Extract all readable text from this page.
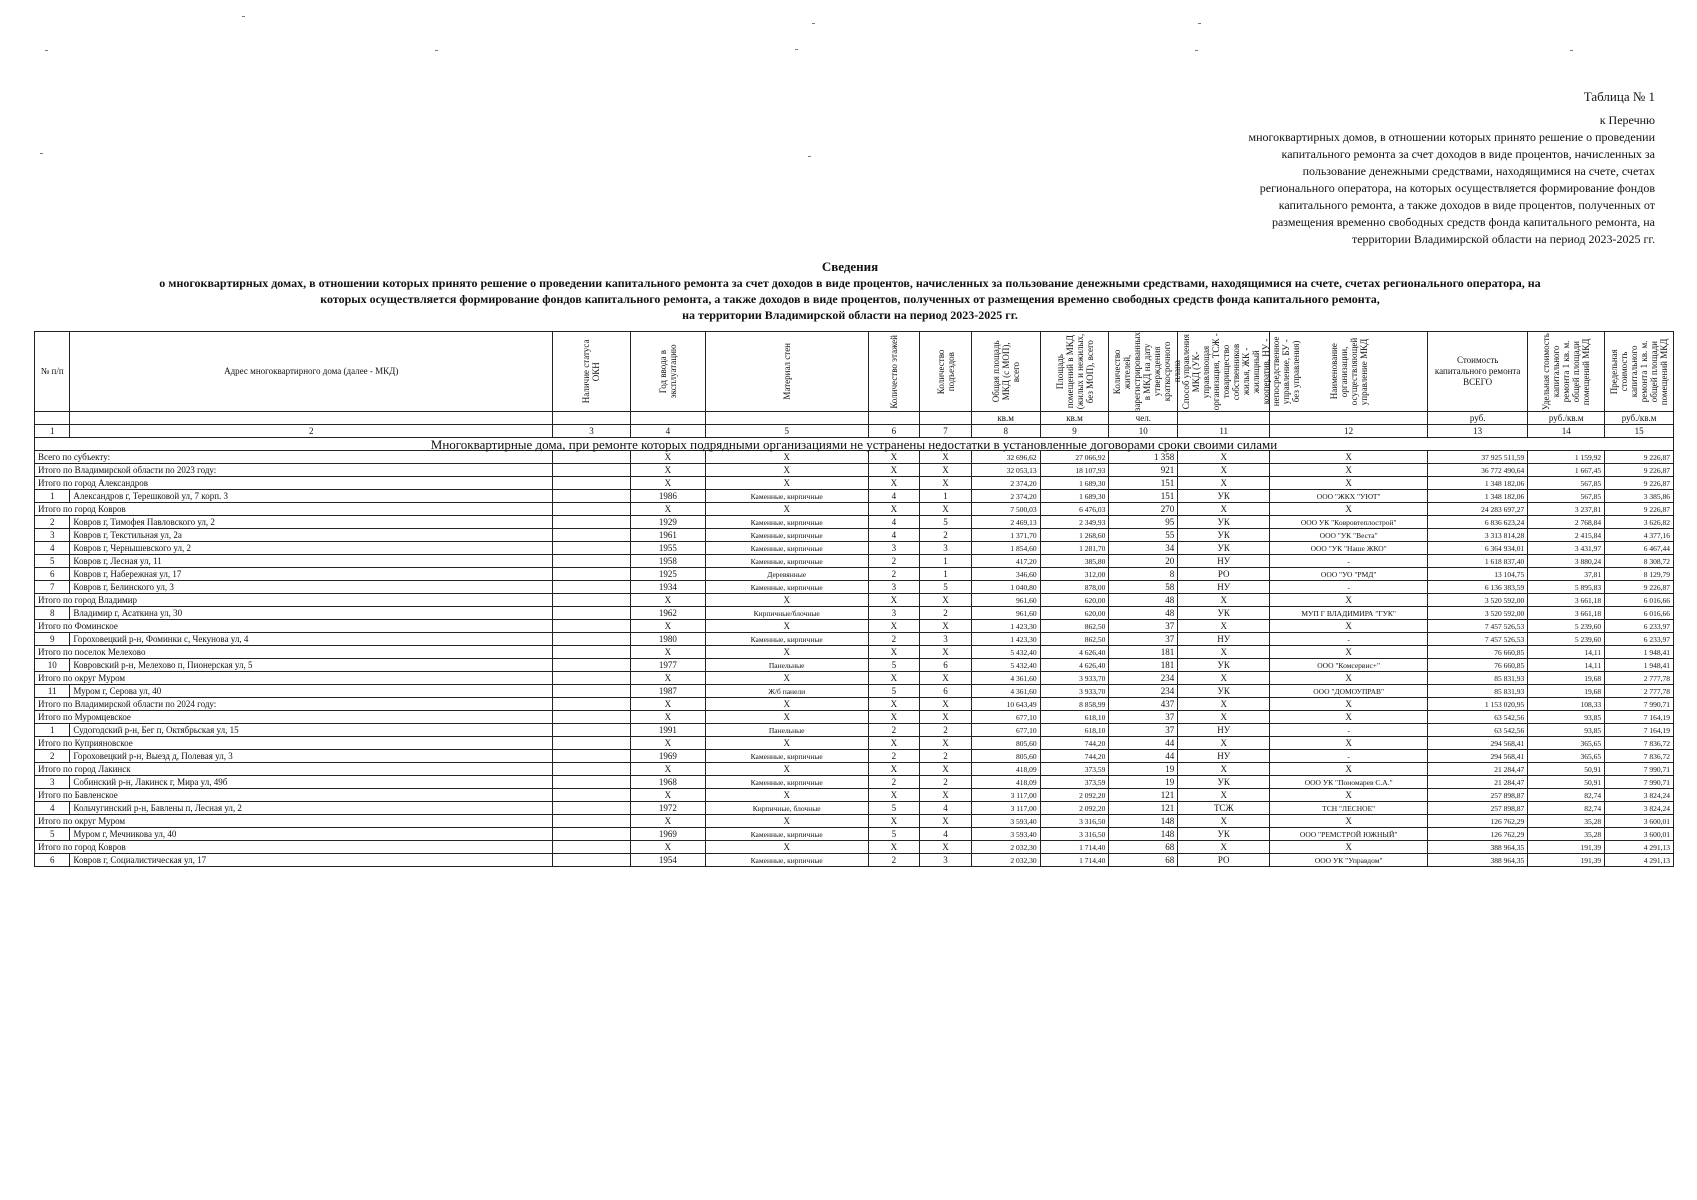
Таблица № 1
к Перечню
многоквартирных домов, в отношении которых принято решение о проведении
капитального ремонта за счет доходов в виде процентов, начисленных за
пользование денежными средствами, находящимися на счете, счетах
регионального оператора, на которых осуществляется формирование фондов
капитального ремонта, а также доходов в виде процентов, полученных от
размещения временно свободных средств фонда капитального ремонта, на
территории Владимирской области на период 2023-2025 гг.
Сведения
о многоквартирных домах, в отношении которых принято решение о проведении капитального ремонта за счет доходов в виде процентов, начисленных за пользование денежными средствами, находящимися на счете, счетах регионального оператора, на
которых осуществляется формирование фондов капитального ремонта, а также доходов в виде процентов, полученных от размещения временно свободных средств фонда капитального ремонта,
на территории Владимирской области на период 2023-2025 гг.
№ п/п	Адрес многоквартирного дома (далее - МКД)	Наличие статуса ОКН	Год ввода в эксплуатацию	Материал стен	Количество этажей	Количество подъездов	Общая площадь МКД (с МОП), всего	Площадь помещений в МКД (жилых и нежилых, без МОП), всего	Количество жителей, зарегистрированных в МКД на дату утверждения краткосрочного плана	Способ управления МКД (УК-управляющая организация, ТСЖ - товарищество собственников жилья, ЖК - жилищный кооператив, НУ - непосредственное управление, БУ - без управления)	Наименование организации, осуществляющей управление МКД	Стоимость капитального ремонта ВСЕГО	Удельная стоимость капитального ремонта 1 кв. м. общей площади помещений МКД	Предельная стоимость капитального ремонта 1 кв. м. общей площади помещений МКД

							кв.м	кв.м	чел.			руб.	руб./кв.м	руб./кв.м
1	2	3	4	5	6	7	8	9	10	11	12	13	14	15
Многоквартирные дома, при ремонте которых подрядными организациями не устранены недостатки в установленные договорами сроки своими силами														
Всего по субъекту:			X	X	X	X	32 696,62	27 066,92	1 358	X	X	37 925 511,59	1 159,92	9 226,87
Итого по Владимирской области по 2023 году:			X	X	X	X	32 053,13	18 107,93	921	X	X	36 772 490,64	1 667,45	9 226,87
Итого по город Александров			X	X	X	X	2 374,20	1 689,30	151	X	X	1 348 182,06	567,85	9 226,87
1	Александров г, Терешковой ул, 7 корп. 3		1986	Каменные, кирпичные	4	1	2 374,20	1 689,30	151	УК	ООО "ЖКХ "УЮТ"	1 348 182,06	567,85	3 385,86
Итого по город Ковров			X	X	X	X	7 500,03	6 476,03	270	X	X	24 283 697,27	3 237,81	9 226,87
2	Ковров г, Тимофея Павловского ул, 2		1929	Каменные, кирпичные	4	5	2 469,13	2 349,93	95	УК	ООО УК "Ковровтеплострой"	6 836 623,24	2 768,84	3 626,82
3	Ковров г, Текстильная ул, 2а		1961	Каменные, кирпичные	4	2	1 371,70	1 268,60	55	УК	ООО "УК "Веста"	3 313 814,28	2 415,84	4 377,16
4	Ковров г, Чернышевского ул, 2		1955	Каменные, кирпичные	3	3	1 854,60	1 281,70	34	УК	ООО "УК "Наше ЖКО"	6 364 934,01	3 431,97	6 467,44
5	Ковров г, Лесная ул, 11		1958	Каменные, кирпичные	2	1	417,20	385,80	20	НУ	-	1 618 837,40	3 880,24	8 308,72
6	Ковров г, Набережная ул, 17		1925	Деревянные	2	1	346,60	312,00	8	РО	ООО "УО "РМД"	13 104,75	37,81	8 129,79
7	Ковров г, Белинского ул, 3		1934	Каменные, кирпичные	3	5	1 040,80	878,00	58	НУ	-	6 136 383,59	5 895,83	9 226,87
Итого по город Владимир			X	X	X	X	961,60	620,00	48	X	X	3 520 592,00	3 661,18	6 016,66
8	Владимир г, Асаткина ул, 30		1962	Кирпичные/блочные	3	2	961,60	620,00	48	УК	МУП Г ВЛАДИМИРА "ГУК"	3 520 592,00	3 661,18	6 016,66
Итого по Фоминское			X	X	X	X	1 423,30	862,50	37	X	X	7 457 526,53	5 239,60	6 233,97
9	Гороховецкий р-н, Фоминки с, Чекунова ул, 4		1980	Каменные, кирпичные	2	3	1 423,30	862,50	37	НУ	-	7 457 526,53	5 239,60	6 233,97
Итого по поселок Мелехово			X	X	X	X	5 432,40	4 626,40	181	X	X	76 660,85	14,11	1 948,41
10	Ковровский р-н, Мелехово п, Пионерская ул, 5		1977	Панельные	5	6	5 432,40	4 626,40	181	УК	ООО "Комсервис+"	76 660,85	14,11	1 948,41
Итого по округ Муром			X	X	X	X	4 361,60	3 933,70	234	X	X	85 831,93	19,68	2 777,78
11	Муром г, Серова ул, 40		1987	Ж/б панели	5	6	4 361,60	3 933,70	234	УК	ООО "ДОМОУПРАВ"	85 831,93	19,68	2 777,78
Итого по Владимирской области по 2024 году:			X	X	X	X	10 643,49	8 858,99	437	X	X	1 153 020,95	108,33	7 990,71
Итого по Муромцевское			X	X	X	X	677,10	618,10	37	X	X	63 542,56	93,85	7 164,19
1	Судогодский р-н, Бег п, Октябрьская ул, 15		1991	Панельные	2	2	677,10	618,10	37	НУ	-	63 542,56	93,85	7 164,19
Итого по Куприяновское			X	X	X	X	805,60	744,20	44	X	X	294 568,41	365,65	7 836,72
2	Гороховецкий р-н, Выезд д, Полевая ул, 3		1969	Каменные, кирпичные	2	2	805,60	744,20	44	НУ	-	294 568,41	365,65	7 836,72
Итого по город Лакинск			X	X	X	X	418,09	373,59	19	X	X	21 284,47	50,91	7 990,71
3	Собинский р-н, Лакинск г, Мира ул, 49б		1968	Каменные, кирпичные	2	2	418,09	373,59	19	УК	ООО УК "Пономарев С.А."	21 284,47	50,91	7 990,71
Итого по Бавленское			X	X	X	X	3 117,00	2 092,20	121	X	X	257 898,87	82,74	3 824,24
4	Кольчугинский р-н, Бавлены п, Лесная ул, 2		1972	Кирпичные, блочные	5	4	3 117,00	2 092,20	121	ТСЖ	ТСН "ЛЕСНОЕ"	257 898,87	82,74	3 824,24
Итого по округ Муром			X	X	X	X	3 593,40	3 316,50	148	X	X	126 762,29	35,28	3 600,01
5	Муром г, Мечникова ул, 40		1969	Каменные, кирпичные	5	4	3 593,40	3 316,50	148	УК	ООО "РЕМСТРОЙ ЮЖНЫЙ"	126 762,29	35,28	3 600,01
Итого по город Ковров			X	X	X	X	2 032,30	1 714,40	68	X	X	388 964,35	191,39	4 291,13
6	Ковров г, Социалистическая ул, 17		1954	Каменные, кирпичные	2	3	2 032,30	1 714,40	68	РО	ООО УК "Управдом"	388 964,35	191,39	4 291,13
